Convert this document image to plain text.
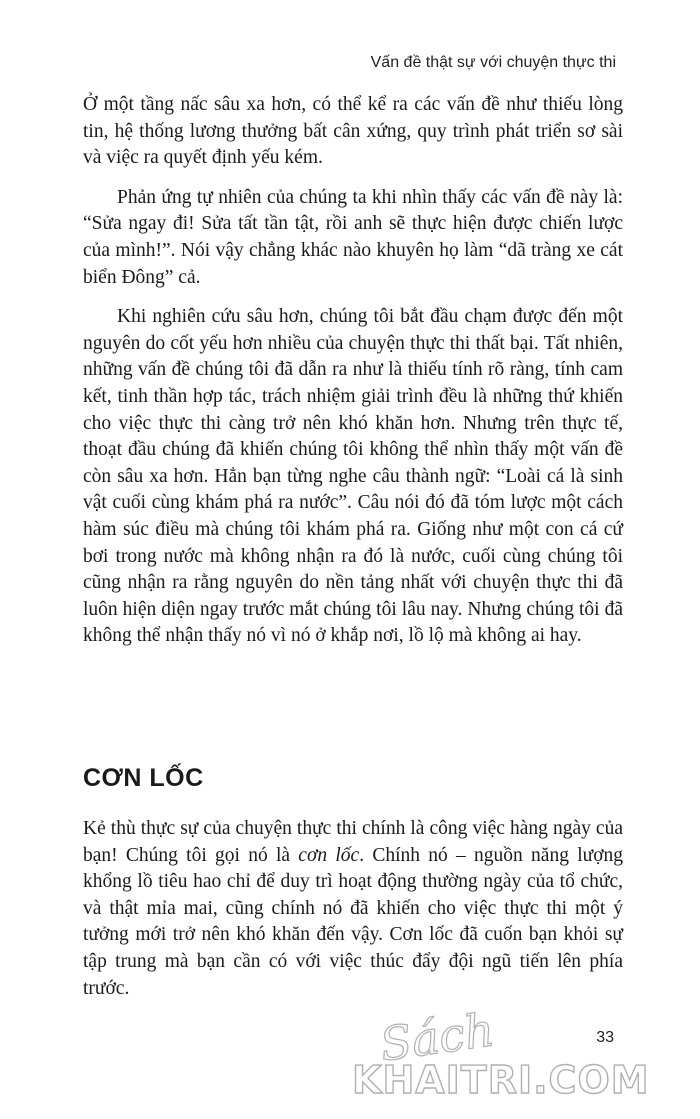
Vấn đề thật sự với chuyện thực thi

Ở một tầng nấc sâu xa hơn, có thể kể ra các vấn đề như thiếu lòng tin, hệ thống lương thưởng bất cân xứng, quy trình phát triển sơ sài và việc ra quyết định yếu kém.

Phản ứng tự nhiên của chúng ta khi nhìn thấy các vấn đề này là: “Sửa ngay đi! Sửa tất tần tật, rồi anh sẽ thực hiện được chiến lược của mình!”. Nói vậy chẳng khác nào khuyên họ làm “dã tràng xe cát biển Đông” cả.

Khi nghiên cứu sâu hơn, chúng tôi bắt đầu chạm được đến một nguyên do cốt yếu hơn nhiều của chuyện thực thi thất bại. Tất nhiên, những vấn đề chúng tôi đã dẫn ra như là thiếu tính rõ ràng, tính cam kết, tinh thần hợp tác, trách nhiệm giải trình đều là những thứ khiến cho việc thực thi càng trở nên khó khăn hơn. Nhưng trên thực tế, thoạt đầu chúng đã khiến chúng tôi không thể nhìn thấy một vấn đề còn sâu xa hơn. Hẳn bạn từng nghe câu thành ngữ: “Loài cá là sinh vật cuối cùng khám phá ra nước”. Câu nói đó đã tóm lược một cách hàm súc điều mà chúng tôi khám phá ra. Giống như một con cá cứ bơi trong nước mà không nhận ra đó là nước, cuối cùng chúng tôi cũng nhận ra rằng nguyên do nền tảng nhất với chuyện thực thi đã luôn hiện diện ngay trước mắt chúng tôi lâu nay. Nhưng chúng tôi đã không thể nhận thấy nó vì nó ở khắp nơi, lồ lộ mà không ai hay.

CƠN LỐC

Kẻ thù thực sự của chuyện thực thi chính là công việc hàng ngày của bạn! Chúng tôi gọi nó là cơn lốc. Chính nó – nguồn năng lượng khổng lồ tiêu hao chỉ để duy trì hoạt động thường ngày của tổ chức, và thật mỉa mai, cũng chính nó đã khiến cho việc thực thi một ý tưởng mới trở nên khó khăn đến vậy. Cơn lốc đã cuốn bạn khỏi sự tập trung mà bạn cần có với việc thúc đẩy đội ngũ tiến lên phía trước.

33
Sách
KHAITRI.COM
